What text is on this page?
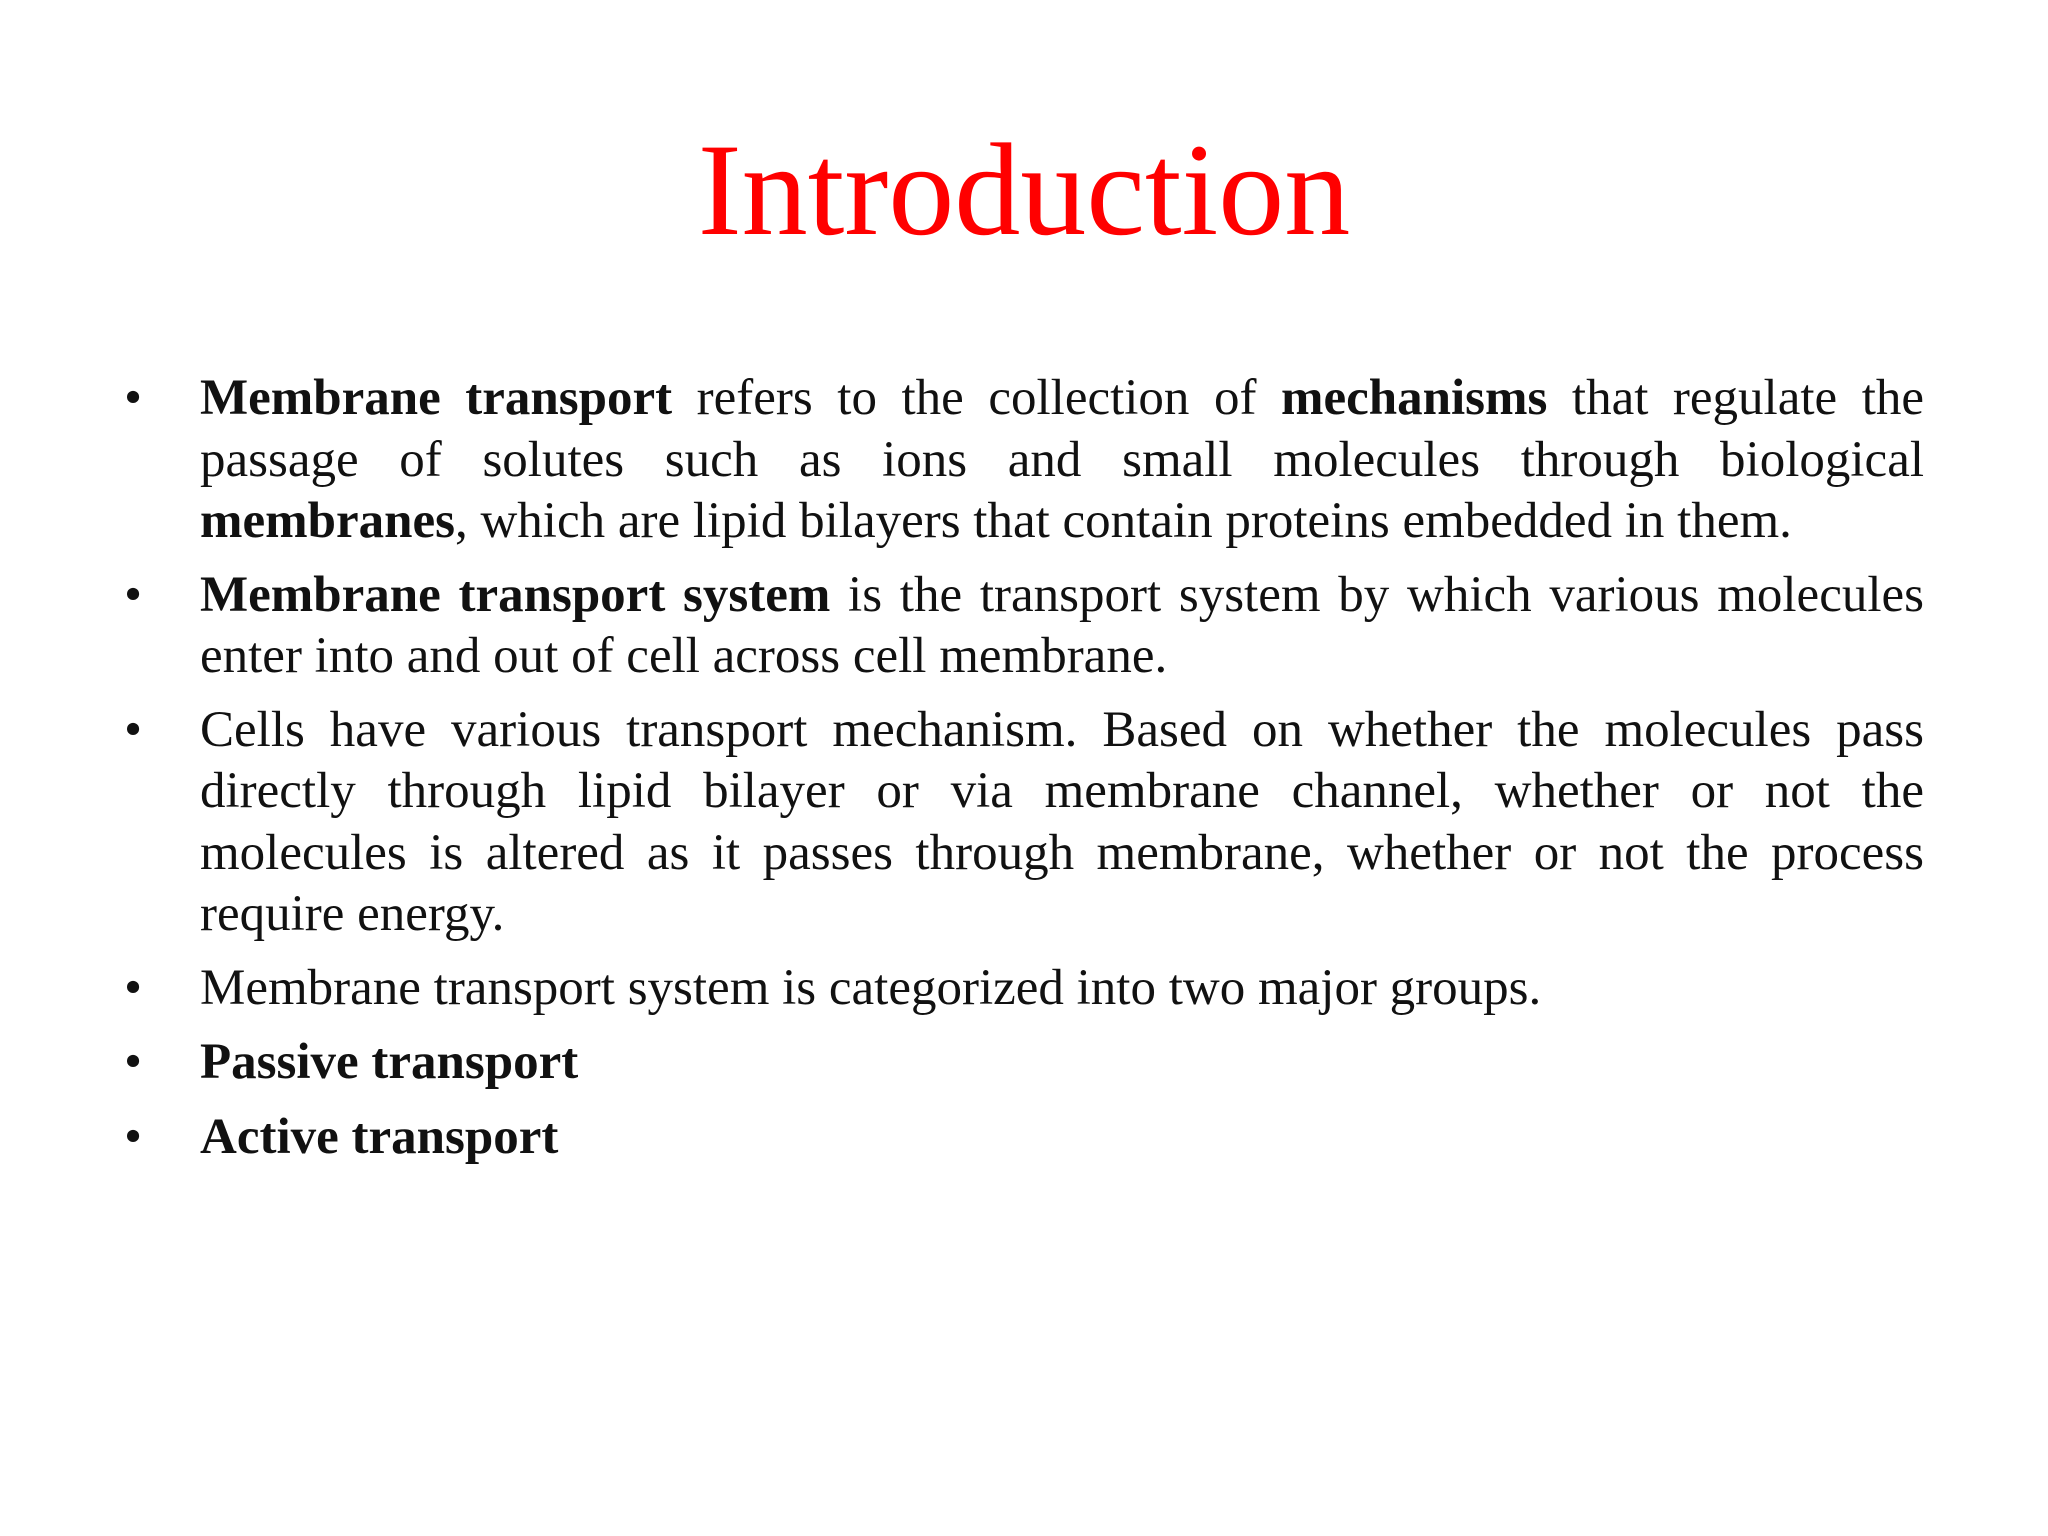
Introduction
• Membrane transport refers to the collection of mechanisms that regulate the passage of solutes such as ions and small molecules through biological membranes, which are lipid bilayers that contain proteins embedded in them.
• Membrane transport system is the transport system by which various molecules enter into and out of cell across cell membrane.
• Cells have various transport mechanism. Based on whether the molecules pass directly through lipid bilayer or via membrane channel, whether or not the molecules is altered as it passes through membrane, whether or not the process require energy.
• Membrane transport system is categorized into two major groups.
• Passive transport
• Active transport
